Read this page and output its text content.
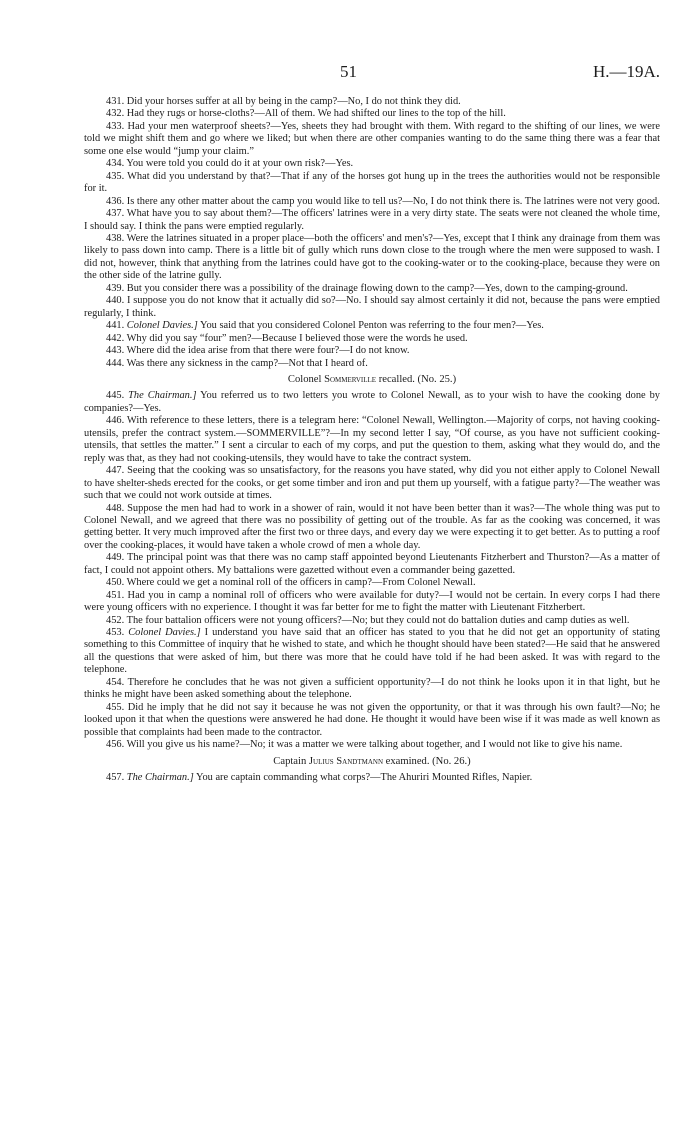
51	H.—19A.

431. Did your horses suffer at all by being in the camp?—No, I do not think they did.

432. Had they rugs or horse-cloths?—All of them. We had shifted our lines to the top of the hill.

433. Had your men waterproof sheets?—Yes, sheets they had brought with them. With regard to the shifting of our lines, we were told we might shift them and go where we liked; but when there are other companies wanting to do the same thing there was a fear that some one else would “jump your claim.”

434. You were told you could do it at your own risk?—Yes.

435. What did you understand by that?—That if any of the horses got hung up in the trees the authorities would not be responsible for it.

436. Is there any other matter about the camp you would like to tell us?—No, I do not think there is. The latrines were not very good.

437. What have you to say about them?—The officers' latrines were in a very dirty state. The seats were not cleaned the whole time, I should say. I think the pans were emptied regularly.

438. Were the latrines situated in a proper place—both the officers' and men's?—Yes, except that I think any drainage from them was likely to pass down into camp. There is a little bit of gully which runs down close to the trough where the men were supposed to wash. I did not, however, think that anything from the latrines could have got to the cooking-water or to the cooking-place, because they were on the other side of the latrine gully.

439. But you consider there was a possibility of the drainage flowing down to the camp?—Yes, down to the camping-ground.

440. I suppose you do not know that it actually did so?—No. I should say almost certainly it did not, because the pans were emptied regularly, I think.

441. Colonel Davies.] You said that you considered Colonel Penton was referring to the four men?—Yes.

442. Why did you say “four” men?—Because I believed those were the words he used.

443. Where did the idea arise from that there were four?—I do not know.

444. Was there any sickness in the camp?—Not that I heard of.

Colonel Sommerville recalled. (No. 25.)

445. The Chairman.] You referred us to two letters you wrote to Colonel Newall, as to your wish to have the cooking done by companies?—Yes.

446. With reference to these letters, there is a telegram here: “Colonel Newall, Wellington.—Majority of corps, not having cooking-utensils, prefer the contract system.—SOMMERVILLE”?—In my second letter I say, “Of course, as you have not sufficient cooking-utensils, that settles the matter.” I sent a circular to each of my corps, and put the question to them, asking what they would do, and the reply was that, as they had not cooking-utensils, they would have to take the contract system.

447. Seeing that the cooking was so unsatisfactory, for the reasons you have stated, why did you not either apply to Colonel Newall to have shelter-sheds erected for the cooks, or get some timber and iron and put them up yourself, with a fatigue party?—The weather was such that we could not work outside at times.

448. Suppose the men had had to work in a shower of rain, would it not have been better than it was?—The whole thing was put to Colonel Newall, and we agreed that there was no possibility of getting out of the trouble. As far as the cooking was concerned, it was getting better. It very much improved after the first two or three days, and every day we were expecting it to get better. As to putting a roof over the cooking-places, it would have taken a whole crowd of men a whole day.

449. The principal point was that there was no camp staff appointed beyond Lieutenants Fitzherbert and Thurston?—As a matter of fact, I could not appoint others. My battalions were gazetted without even a commander being gazetted.

450. Where could we get a nominal roll of the officers in camp?—From Colonel Newall.

451. Had you in camp a nominal roll of officers who were available for duty?—I would not be certain. In every corps I had there were young officers with no experience. I thought it was far better for me to fight the matter with Lieutenant Fitzherbert.

452. The four battalion officers were not young officers?—No; but they could not do battalion duties and camp duties as well.

453. Colonel Davies.] I understand you have said that an officer has stated to you that he did not get an opportunity of stating something to this Committee of inquiry that he wished to state, and which he thought should have been stated?—He said that he answered all the questions that were asked of him, but there was more that he could have told if he had been asked. It was with regard to the telephone.

454. Therefore he concludes that he was not given a sufficient opportunity?—I do not think he looks upon it in that light, but he thinks he might have been asked something about the telephone.

455. Did he imply that he did not say it because he was not given the opportunity, or that it was through his own fault?—No; he looked upon it that when the questions were answered he had done. He thought it would have been wise if it was made as well known as possible that complaints had been made to the contractor.

456. Will you give us his name?—No; it was a matter we were talking about together, and I would not like to give his name.

Captain Julius Sandtmann examined. (No. 26.)

457. The Chairman.] You are captain commanding what corps?—The Ahuriri Mounted Rifles, Napier.
